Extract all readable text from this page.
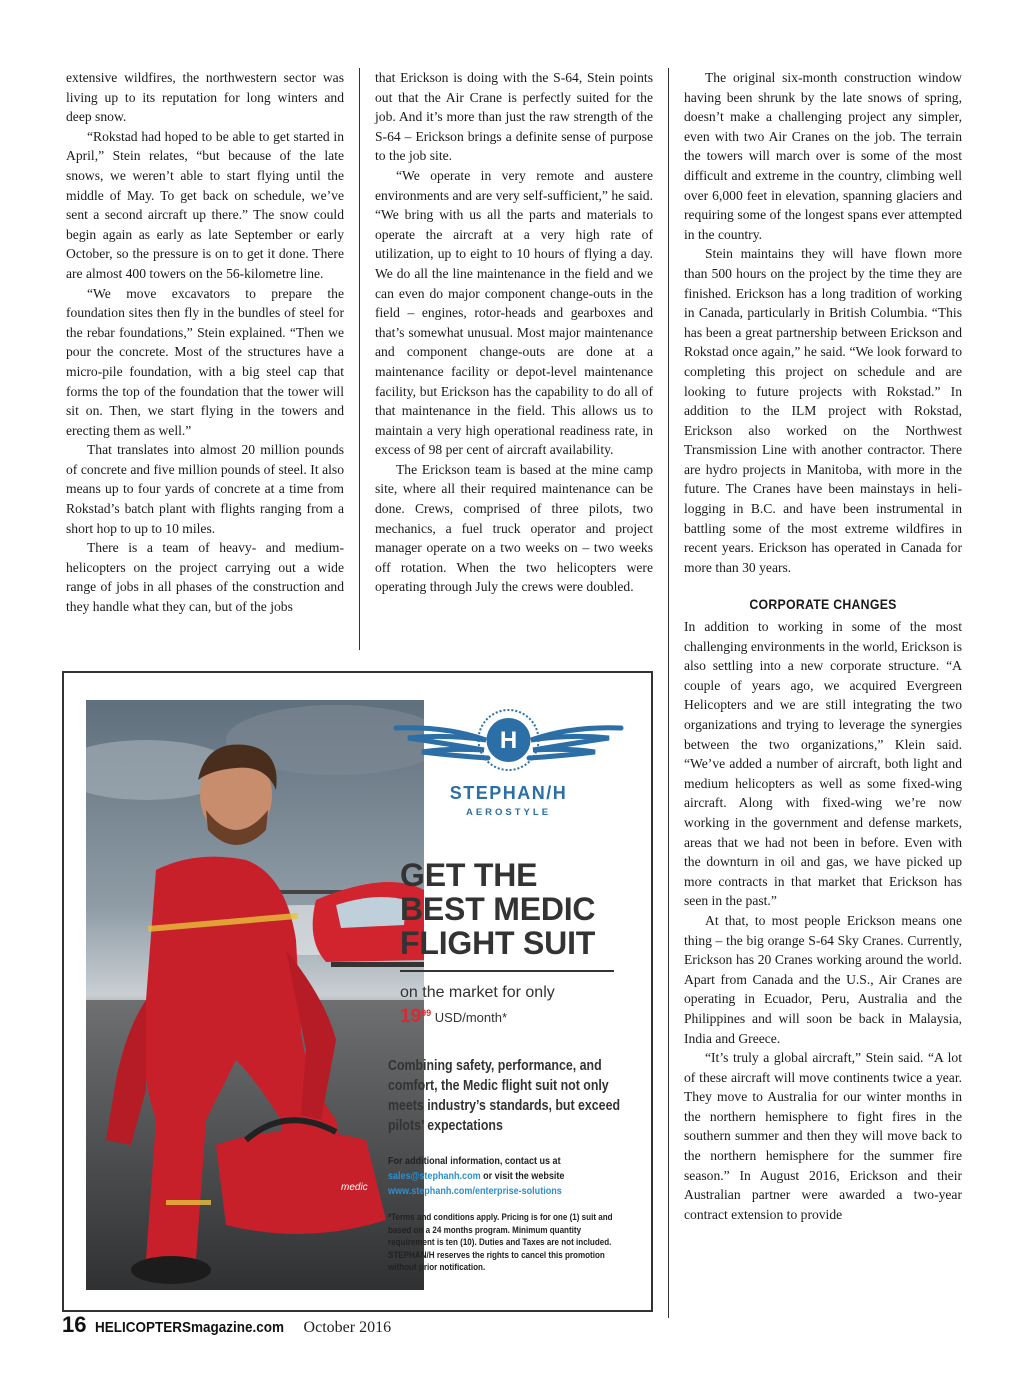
extensive wildfires, the northwestern sector was living up to its reputation for long winters and deep snow.

“Rokstad had hoped to be able to get started in April,” Stein relates, “but because of the late snows, we weren’t able to start flying until the middle of May. To get back on schedule, we’ve sent a second aircraft up there.” The snow could begin again as early as late September or early October, so the pressure is on to get it done. There are almost 400 towers on the 56-kilometre line.

“We move excavators to prepare the foundation sites then fly in the bundles of steel for the rebar foundations,” Stein explained. “Then we pour the concrete. Most of the structures have a micro-pile foundation, with a big steel cap that forms the top of the foundation that the tower will sit on. Then, we start flying in the towers and erecting them as well.”

That translates into almost 20 million pounds of concrete and five million pounds of steel. It also means up to four yards of concrete at a time from Rokstad’s batch plant with flights ranging from a short hop to up to 10 miles.

There is a team of heavy- and medium-helicopters on the project carrying out a wide range of jobs in all phases of the construction and they handle what they can, but of the jobs

that Erickson is doing with the S-64, Stein points out that the Air Crane is perfectly suited for the job. And it’s more than just the raw strength of the S-64 – Erickson brings a definite sense of purpose to the job site.

“We operate in very remote and austere environments and are very self-sufficient,” he said. “We bring with us all the parts and materials to operate the aircraft at a very high rate of utilization, up to eight to 10 hours of flying a day. We do all the line maintenance in the field and we can even do major component change-outs in the field – engines, rotor-heads and gearboxes and that’s somewhat unusual. Most major maintenance and component change-outs are done at a maintenance facility or depot-level maintenance facility, but Erickson has the capability to do all of that maintenance in the field. This allows us to maintain a very high operational readiness rate, in excess of 98 per cent of aircraft availability.

The Erickson team is based at the mine camp site, where all their required maintenance can be done. Crews, comprised of three pilots, two mechanics, a fuel truck operator and project manager operate on a two weeks on – two weeks off rotation. When the two helicopters were operating through July the crews were doubled.

The original six-month construction window having been shrunk by the late snows of spring, doesn’t make a challenging project any simpler, even with two Air Cranes on the job. The terrain the towers will march over is some of the most difficult and extreme in the country, climbing well over 6,000 feet in elevation, spanning glaciers and requiring some of the longest spans ever attempted in the country.

Stein maintains they will have flown more than 500 hours on the project by the time they are finished. Erickson has a long tradition of working in Canada, particularly in British Columbia. “This has been a great partnership between Erickson and Rokstad once again,” he said. “We look forward to completing this project on schedule and are looking to future projects with Rokstad.” In addition to the ILM project with Rokstad, Erickson also worked on the Northwest Transmission Line with another contractor. There are hydro projects in Manitoba, with more in the future. The Cranes have been mainstays in heli-logging in B.C. and have been instrumental in battling some of the most extreme wildfires in recent years. Erickson has operated in Canada for more than 30 years.

CORPORATE CHANGES

In addition to working in some of the most challenging environments in the world, Erickson is also settling into a new corporate structure. “A couple of years ago, we acquired Evergreen Helicopters and we are still integrating the two organizations and trying to leverage the synergies between the two organizations,” Klein said. “We’ve added a number of aircraft, both light and medium helicopters as well as some fixed-wing aircraft. Along with fixed-wing we’re now working in the government and defense markets, areas that we had not been in before. Even with the downturn in oil and gas, we have picked up more contracts in that market that Erickson has seen in the past.”

At that, to most people Erickson means one thing – the big orange S-64 Sky Cranes. Currently, Erickson has 20 Cranes working around the world. Apart from Canada and the U.S., Air Cranes are operating in Ecuador, Peru, Australia and the Philippines and will soon be back in Malaysia, India and Greece.

“It’s truly a global aircraft,” Stein said. “A lot of these aircraft will move continents twice a year. They move to Australia for our winter months in the northern hemisphere to fight fires in the southern summer and then they will move back to the northern hemisphere for the summer fire season.” In August 2016, Erickson and their Australian partner were awarded a two-year contract extension to provide

medic
H
STEPHAN/H
AEROSTYLE
GET THE
BEST MEDIC
FLIGHT SUIT
on the market for only
$19^{99}$ USD/month*
Combining safety, performance, and comfort, the Medic flight suit not only meets industry’s standards, but exceed pilots’ expectations
For additional information, contact us at sales@stephanh.com or visit the website www.stephanh.com/enterprise-solutions
*Terms and conditions apply. Pricing is for one (1) suit and based on a 24 months program. Minimum quantity requirement is ten (10). Duties and Taxes are not included. STEPHAN/H reserves the rights to cancel this promotion without prior notification.
16 HELICOPTERSmagazine.com October 2016
